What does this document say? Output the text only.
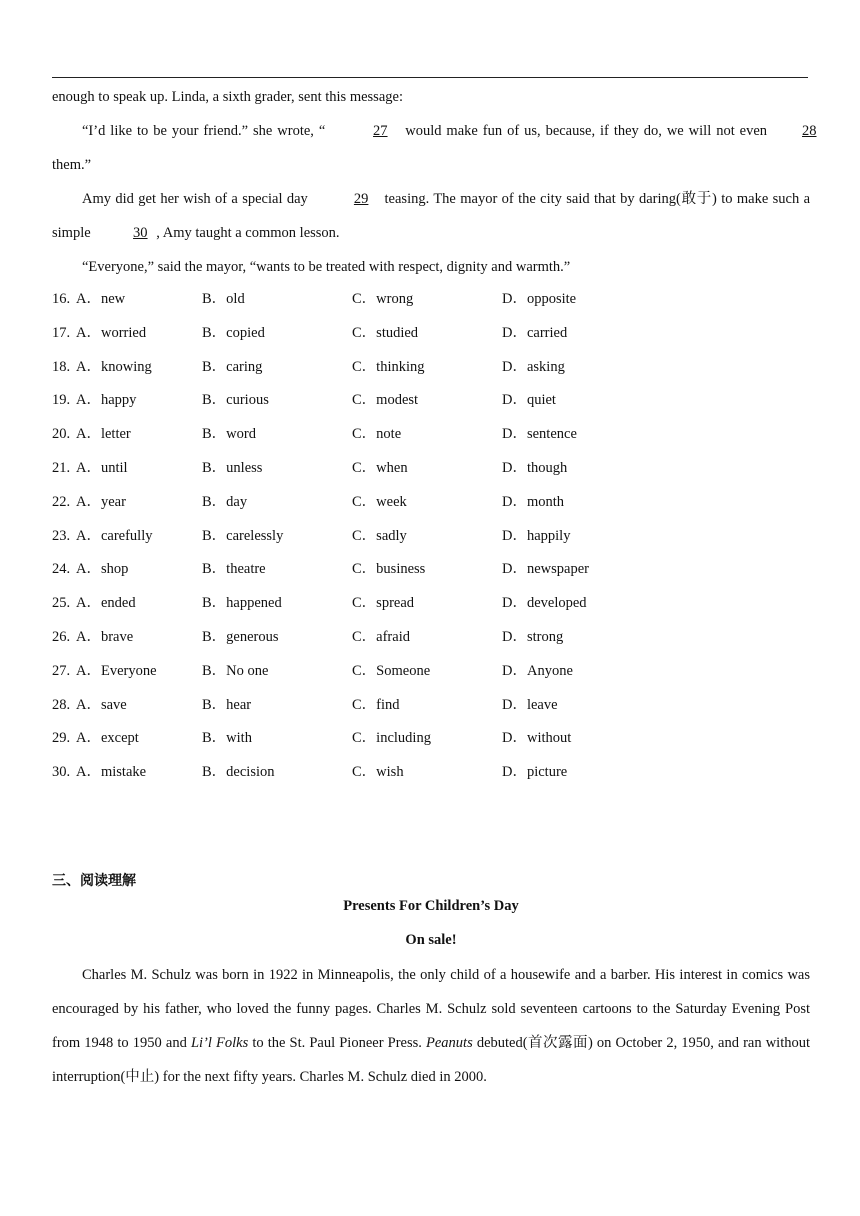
enough to speak up. Linda, a sixth grader, sent this message:
“I’d like to be your friend.” she wrote, “	27 would make fun of us, because, if they do, we will not even 28 them.”
Amy did get her wish of a special day	29 teasing. The mayor of the city said that by daring(敢于) to make such a simple	30 , Amy taught a common lesson.
“Everyone,” said the mayor, “wants to be treated with respect, dignity and warmth.”
16. A．new	B．old	C．wrong	D．opposite
17. A．worried	B．copied	C．studied	D．carried
18. A．knowing	B．caring	C．thinking	D．asking
19. A．happy	B．curious	C．modest	D．quiet
20. A．letter	B．word	C．note	D．sentence
21. A．until	B．unless	C．when	D．though
22. A．year	B．day	C．week	D．month
23. A．carefully	B．carelessly	C．sadly	D．happily
24. A．shop	B．theatre	C．business	D．newspaper
25. A．ended	B．happened	C．spread	D．developed
26. A．brave	B．generous	C．afraid	D．strong
27. A．Everyone	B．No one	C．Someone	D．Anyone
28. A．save	B．hear	C．find	D．leave
29. A．except	B．with	C．including	D．without
30. A．mistake	B．decision	C．wish	D．picture
三、阅读理解
Presents For Children’s Day
On sale!
Charles M. Schulz was born in 1922 in Minneapolis, the only child of a housewife and a barber. His interest in comics was encouraged by his father, who loved the funny pages. Charles M. Schulz sold seventeen cartoons to the Saturday Evening Post from 1948 to 1950 and Li’l Folks to the St. Paul Pioneer Press. Peanuts debuted(首次露面) on October 2, 1950, and ran without interruption(中止) for the next fifty years. Charles M. Schulz died in 2000.
